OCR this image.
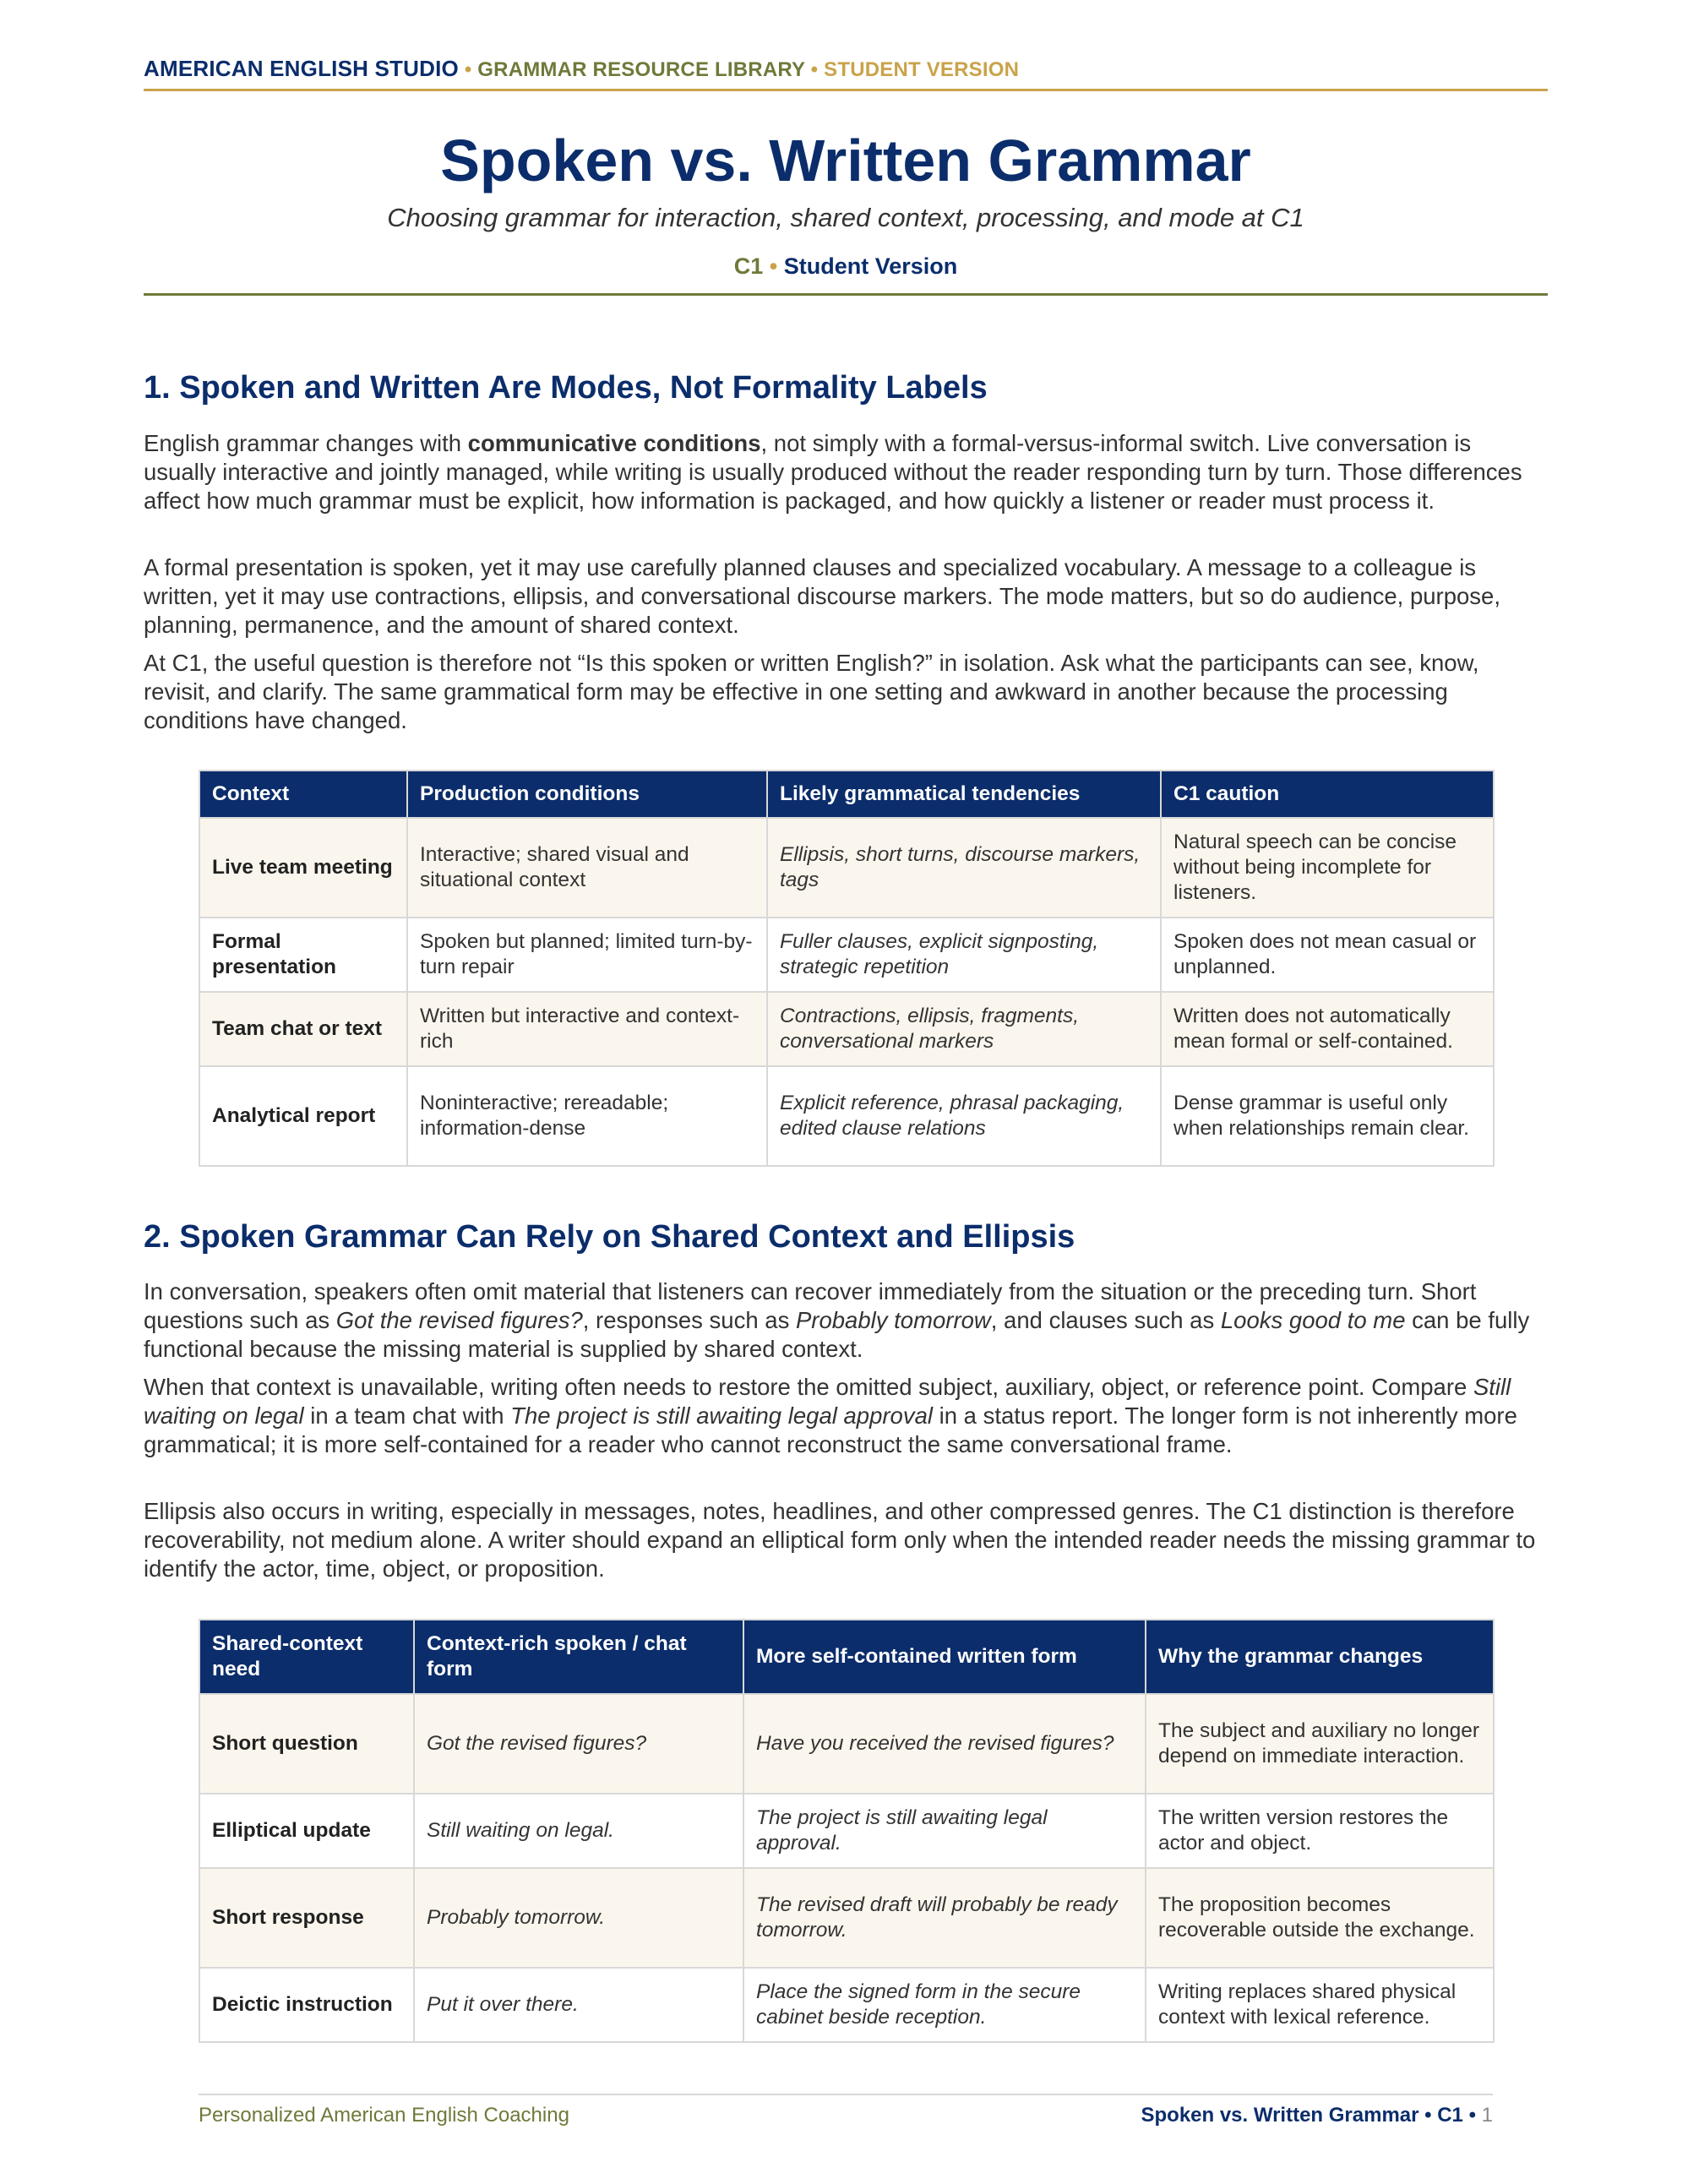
AMERICAN ENGLISH STUDIO • GRAMMAR RESOURCE LIBRARY • STUDENT VERSION
Spoken vs. Written Grammar
Choosing grammar for interaction, shared context, processing, and mode at C1
C1 • Student Version
1. Spoken and Written Are Modes, Not Formality Labels

English grammar changes with communicative conditions, not simply with a formal-versus-informal switch. Live conversation is usually interactive and jointly managed, while writing is usually produced without the reader responding turn by turn. Those differences affect how much grammar must be explicit, how information is packaged, and how quickly a listener or reader must process it.

A formal presentation is spoken, yet it may use carefully planned clauses and specialized vocabulary. A message to a colleague is written, yet it may use contractions, ellipsis, and conversational discourse markers. The mode matters, but so do audience, purpose, planning, permanence, and the amount of shared context.

At C1, the useful question is therefore not “Is this spoken or written English?” in isolation. Ask what the participants can see, know, revisit, and clarify. The same grammatical form may be effective in one setting and awkward in another because the processing conditions have changed.

Context	Production conditions	Likely grammatical tendencies	C1 caution
Live team meeting	Interactive; shared visual and situational context	Ellipsis, short turns, discourse markers, tags	Natural speech can be concise without being incomplete for listeners.
Formal presentation	Spoken but planned; limited turn-by-turn repair	Fuller clauses, explicit signposting, strategic repetition	Spoken does not mean casual or unplanned.
Team chat or text	Written but interactive and context-rich	Contractions, ellipsis, fragments, conversational markers	Written does not automatically mean formal or self-contained.
Analytical report	Noninteractive; rereadable; information-dense	Explicit reference, phrasal packaging, edited clause relations	Dense grammar is useful only when relationships remain clear.
2. Spoken Grammar Can Rely on Shared Context and Ellipsis

In conversation, speakers often omit material that listeners can recover immediately from the situation or the preceding turn. Short questions such as Got the revised figures?, responses such as Probably tomorrow, and clauses such as Looks good to me can be fully functional because the missing material is supplied by shared context.

When that context is unavailable, writing often needs to restore the omitted subject, auxiliary, object, or reference point. Compare Still waiting on legal in a team chat with The project is still awaiting legal approval in a status report. The longer form is not inherently more grammatical; it is more self-contained for a reader who cannot reconstruct the same conversational frame.

Ellipsis also occurs in writing, especially in messages, notes, headlines, and other compressed genres. The C1 distinction is therefore recoverability, not medium alone. A writer should expand an elliptical form only when the intended reader needs the missing grammar to identify the actor, time, object, or proposition.

Shared-context need	Context-rich spoken / chat form	More self-contained written form	Why the grammar changes
Short question	Got the revised figures?	Have you received the revised figures?	The subject and auxiliary no longer depend on immediate interaction.
Elliptical update	Still waiting on legal.	The project is still awaiting legal approval.	The written version restores the actor and object.
Short response	Probably tomorrow.	The revised draft will probably be ready tomorrow.	The proposition becomes recoverable outside the exchange.
Deictic instruction	Put it over there.	Place the signed form in the secure cabinet beside reception.	Writing replaces shared physical context with lexical reference.
Personalized American English Coaching	Spoken vs. Written Grammar • C1 • 1
